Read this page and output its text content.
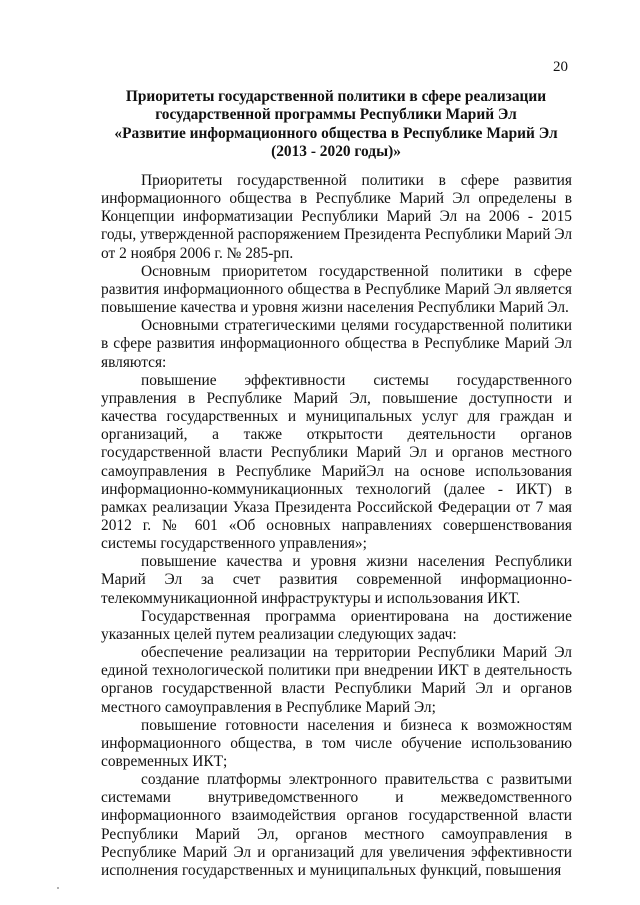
20
Приоритеты государственной политики в сфере реализации
государственной программы Республики Марий Эл
«Развитие информационного общества в Республике Марий Эл
(2013 - 2020 годы)»

Приоритеты государственной политики в сфере развития информационного общества в Республике Марий Эл определены в Концепции информатизации Республики Марий Эл на 2006 - 2015 годы, утвержденной распоряжением Президента Республики Марий Эл от 2 ноября 2006 г. № 285-рп.

Основным приоритетом государственной политики в сфере развития информационного общества в Республике Марий Эл является повышение качества и уровня жизни населения Республики Марий Эл.

Основными стратегическими целями государственной политики в сфере развития информационного общества в Республике Марий Эл являются:

повышение эффективности системы государственного управления в Республике Марий Эл, повышение доступности и качества государственных и муниципальных услуг для граждан и организаций, а также открытости деятельности органов государственной власти Республики Марий Эл и органов местного самоуправления в Республике МарийЭл на основе использования информационно-коммуникационных технологий (далее - ИКТ) в рамках реализации Указа Президента Российской Федерации от 7 мая 2012 г. № 601 «Об основных направлениях совершенствования системы государственного управления»;

повышение качества и уровня жизни населения Республики Марий Эл за счет развития современной информационно-телекоммуникационной инфраструктуры и использования ИКТ.

Государственная программа ориентирована на достижение указанных целей путем реализации следующих задач:

обеспечение реализации на территории Республики Марий Эл единой технологической политики при внедрении ИКТ в деятельность органов государственной власти Республики Марий Эл и органов местного самоуправления в Республике Марий Эл;

повышение готовности населения и бизнеса к возможностям информационного общества, в том числе обучение использованию современных ИКТ;

создание платформы электронного правительства с развитыми системами внутриведомственного и межведомственного информационного взаимодействия органов государственной власти Республики Марий Эл, органов местного самоуправления в Республике Марий Эл и организаций для увеличения эффективности исполнения государственных и муниципальных функций, повышения
